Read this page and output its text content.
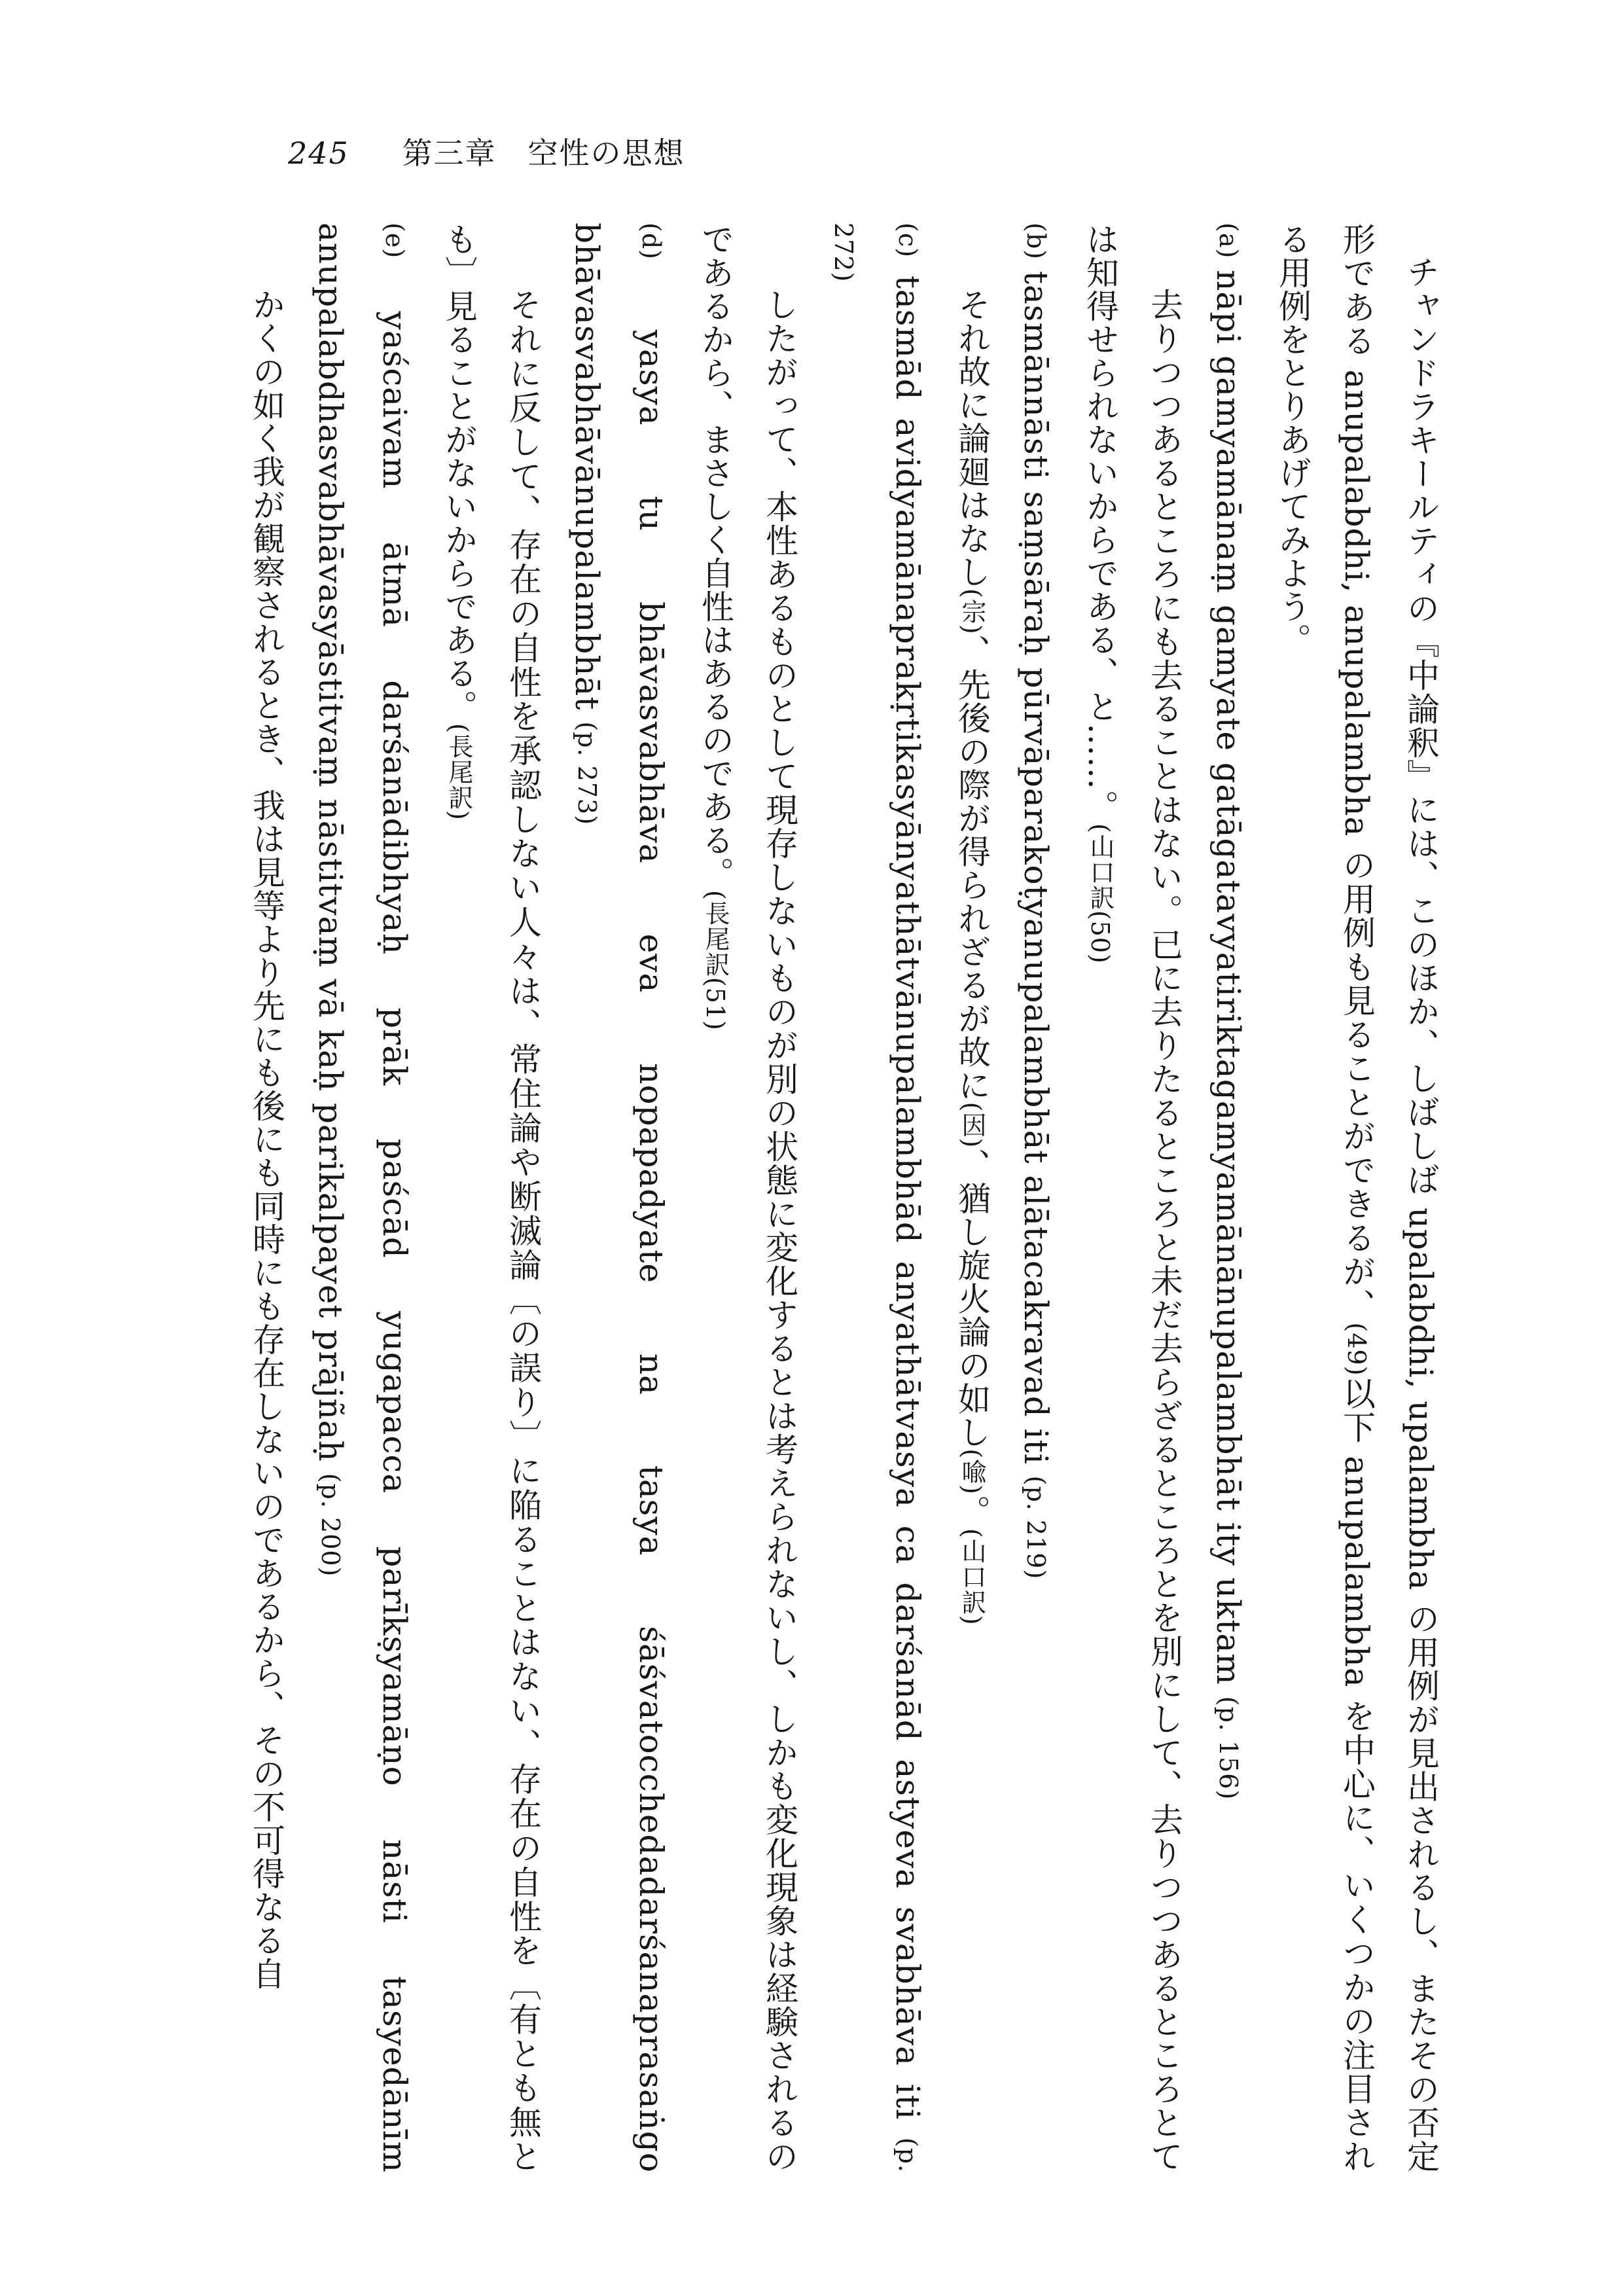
245 第三章　空性の思想

チャンドラキールティの『中論釈』には、このほか、しばしば upalabdhi, upalambha の用例が見出されるし、またその否定形である anupalabdhi, anupalambha の用例も見ることができるが、(49)以下 anupalambha を中心に、いくつかの注目される用例をとりあげてみよう。

(a) nāpi gamyamānaṃ gamyate gatāgatavyatiriktagamyamānānupalambhāt ity uktam (p. 156)

去りつつあるところにも去ることはない。已に去りたるところと未だ去らざるところとを別にして、去りつつあるところとては知得せられないからである、と……。(山口訳(50)

(b) tasmānnāsti saṃsāraḥ pūrvāparakoṭyanupalambhāt alātacakravad iti (p. 219)

それ故に論廻はなし(宗)、先後の際が得られざるが故に(因)、猶し旋火論の如し(喩)。(山口訳)

(c) tasmād avidyamānaprakṛtikasyānyathātvānupalambhād anyathātvasya ca darśanād astyeva svabhāva iti (p. 272)

したがって、本性あるものとして現存しないものが別の状態に変化するとは考えられないし、しかも変化現象は経験されるのであるから、まさしく自性はあるのである。(長尾訳(51)

(d) yasya tu bhāvasvabhāva eva nopapadyate na tasya śāśvatocchedadarśanaprasaṅgo bhāvasvabhāvānupalambhāt (p. 273)

それに反して、存在の自性を承認しない人々は、常住論や断滅論〔の誤り〕に陥ることはない、存在の自性を〔有とも無とも〕見ることがないからである。(長尾訳)

(e) yaścaivam ātmā darśanādibhyaḥ prāk paścād yugapacca parīkṣyamāṇo nāsti tasyedānīm anupalabdhasvabhāvasyāstitvaṃ nāstitvaṃ vā kaḥ parikalpayet prājñaḥ (p. 200)

かくの如く我が観察されるとき、我は見等より先にも後にも同時にも存在しないのであるから、その不可得なる自
